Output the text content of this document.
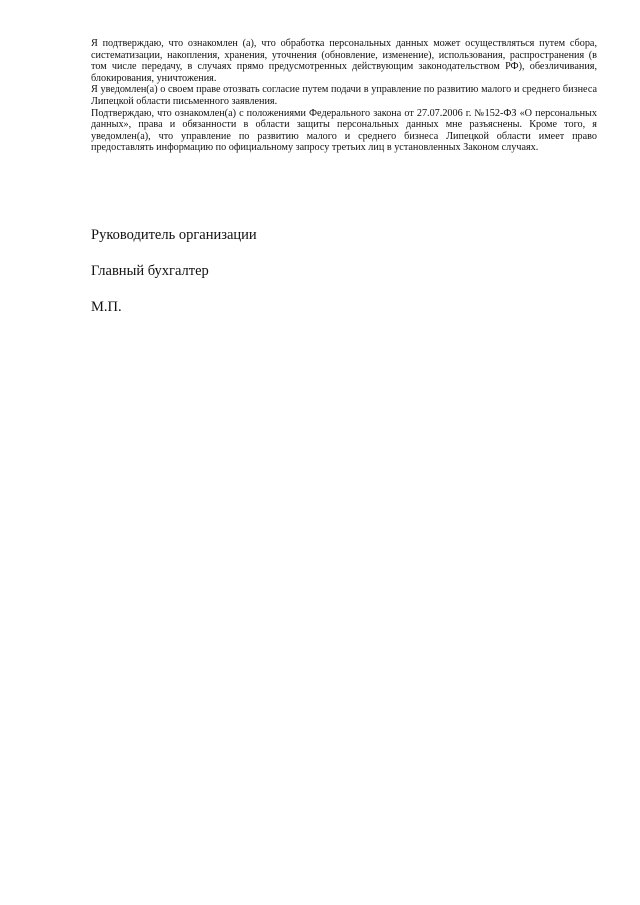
Я подтверждаю, что ознакомлен (а), что обработка персональных данных может осуществляться путем сбора, систематизации, накопления, хранения, уточнения (обновление, изменение), использования, распространения (в том числе передачу, в случаях прямо предусмотренных действующим законодательством РФ), обезличивания, блокирования, уничтожения.

Я уведомлен(а) о своем праве отозвать согласие путем подачи в управление по развитию малого и среднего бизнеса Липецкой области письменного заявления.

Подтверждаю, что ознакомлен(а) с положениями Федерального закона от 27.07.2006 г. №152-ФЗ «О персональных данных», права и обязанности в области защиты персональных данных мне разъяснены. Кроме того, я уведомлен(а), что управление по развитию малого и среднего бизнеса Липецкой области имеет право предоставлять информацию по официальному запросу третьих лиц в установленных Законом случаях.

Руководитель организации
Главный бухгалтер
М.П.
